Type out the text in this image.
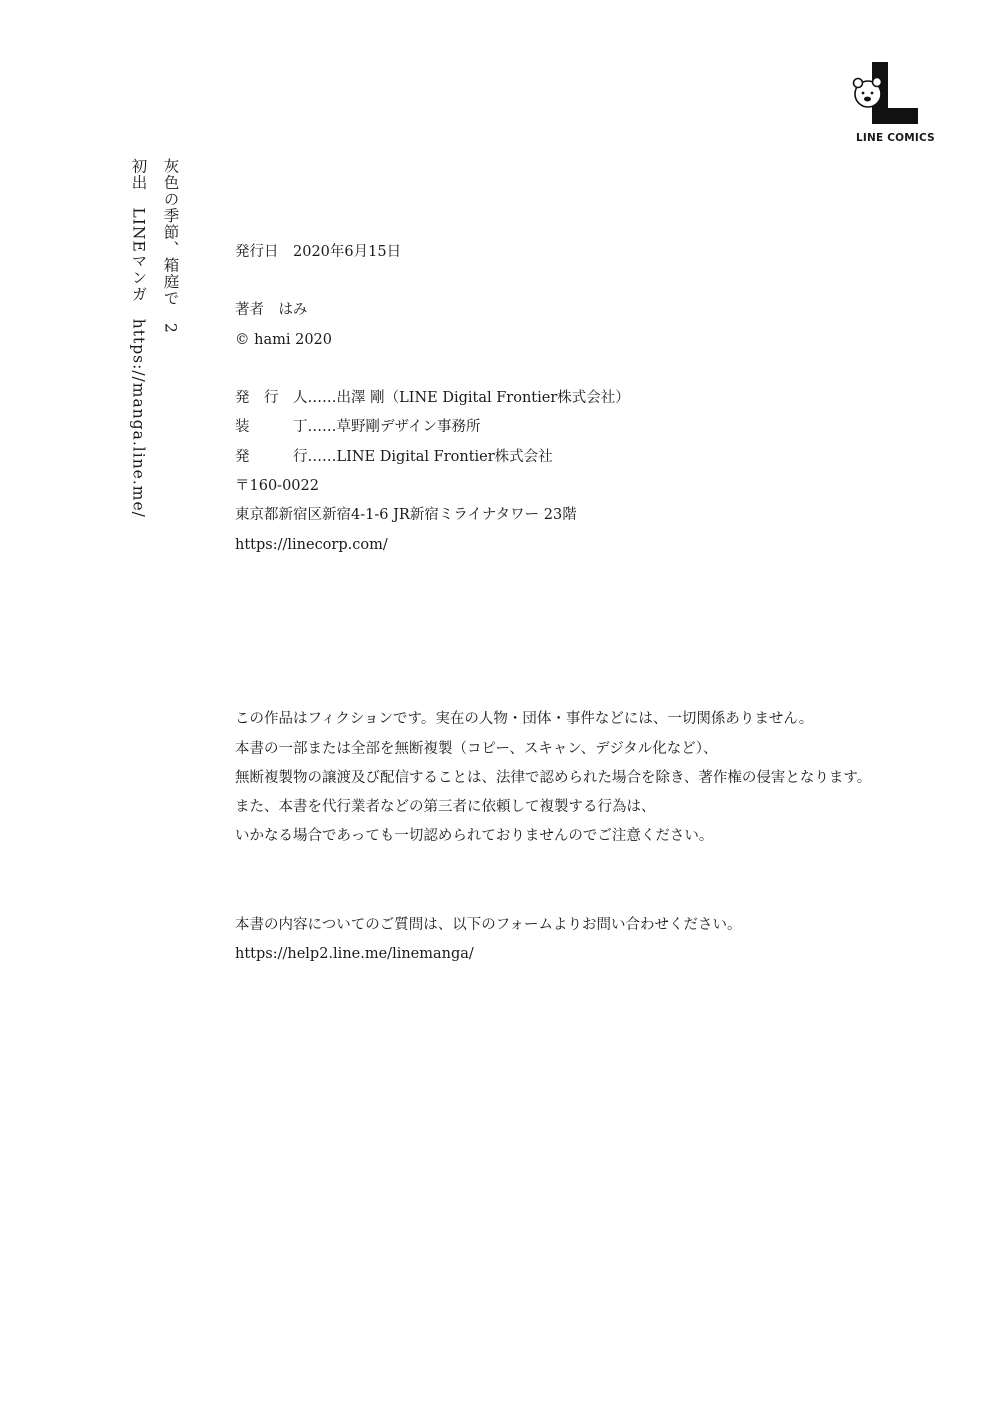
LINE COMICS
灰色の季節、箱庭で　2
初出　LINEマンガ　https://manga.line.me/	発行日　2020年6月15日
著者　はみ
© hami 2020
発　行　人……出澤 剛（LINE Digital Frontier株式会社）
装　　　丁……草野剛デザイン事務所
発　　　行……LINE Digital Frontier株式会社
〒160-0022
東京都新宿区新宿4-1-6 JR新宿ミライナタワー 23階
https://linecorp.com/
この作品はフィクションです。実在の人物・団体・事件などには、一切関係ありません。
本書の一部または全部を無断複製（コピー、スキャン、デジタル化など）、
無断複製物の譲渡及び配信することは、法律で認められた場合を除き、著作権の侵害となります。
また、本書を代行業者などの第三者に依頼して複製する行為は、
いかなる場合であっても一切認められておりませんのでご注意ください。
本書の内容についてのご質問は、以下のフォームよりお問い合わせください。
https://help2.line.me/linemanga/
